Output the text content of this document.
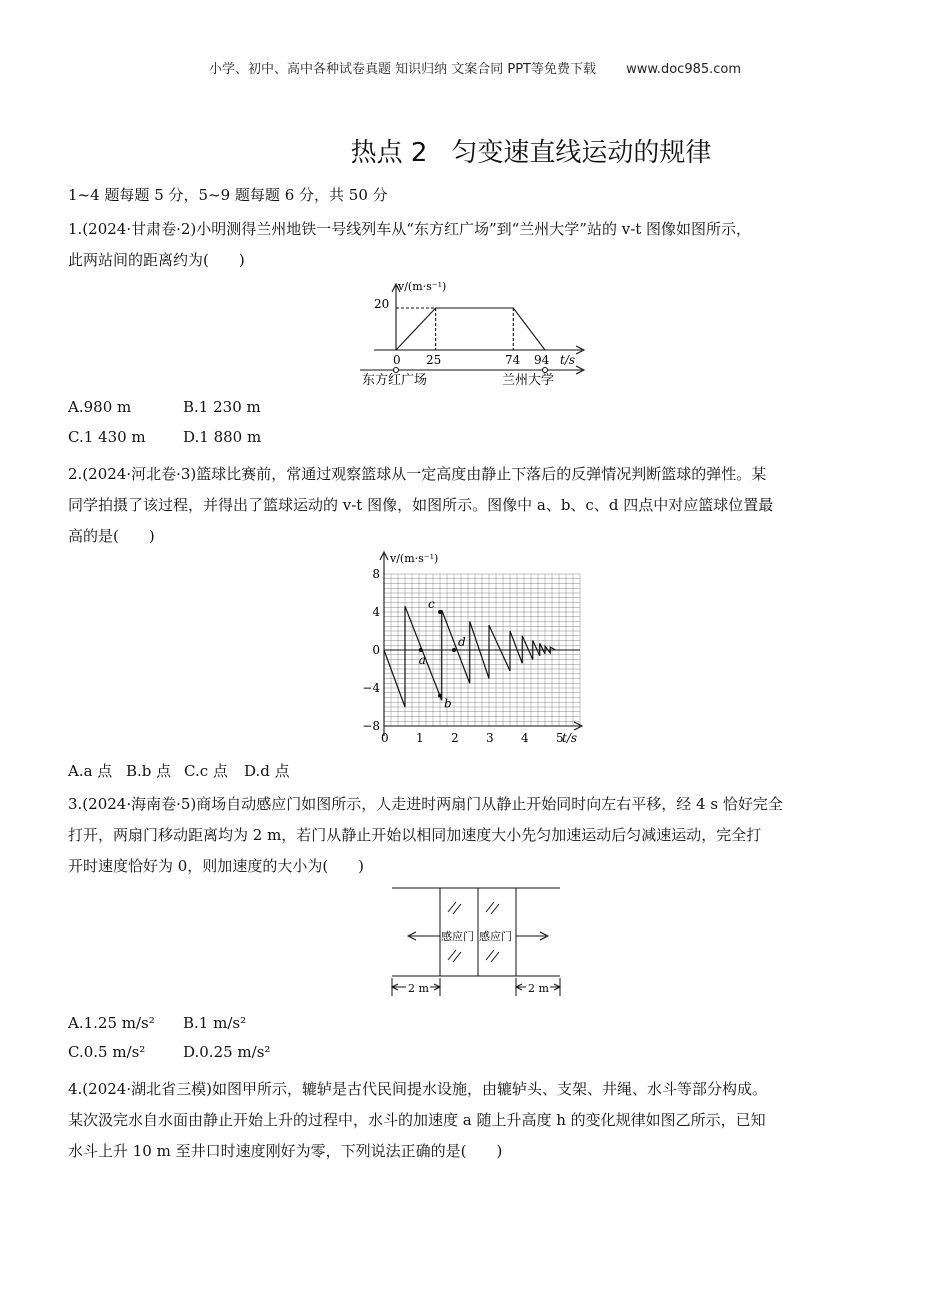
小学、初中、高中各种试卷真题 知识归纳 文案合同 PPT等免费下载 www.doc985.com
热点 2 匀变速直线运动的规律
1~4 题每题 5 分，5~9 题每题 6 分，共 50 分
1.(2024·甘肃卷·2)小明测得兰州地铁一号线列车从“东方红广场”到“兰州大学”站的 v-t 图像如图所示，
此两站间的距离约为(　　)
v/(m·s⁻¹)
20
0 25	74 94 t/s
东方红广场	兰州大学
A.980 m	B.1 230 m
C.1 430 m D.1 880 m
2.(2024·河北卷·3)篮球比赛前，常通过观察篮球从一定高度由静止下落后的反弹情况判断篮球的弹性。某
同学拍摄了该过程，并得出了篮球运动的 v-t 图像，如图所示。图像中 a、b、c、d 四点中对应篮球位置最
高的是(　　)
a
b
c
d
v/(m·s⁻¹)
t/s
8
4
0
−4
−8
0 1 2 3 4 5
A.a 点 B.b 点 C.c 点 D.d 点
3.(2024·海南卷·5)商场自动感应门如图所示，人走进时两扇门从静止开始同时向左右平移，经 4 s 恰好完全
打开，两扇门移动距离均为 2 m，若门从静止开始以相同加速度大小先匀加速运动后匀减速运动，完全打
开时速度恰好为 0，则加速度的大小为(　　)
感应门 感应门
2 m	2 m
A.1.25 m/s² B.1 m/s²
C.0.5 m/s²	D.0.25 m/s²
4.(2024·湖北省三模)如图甲所示，辘轳是古代民间提水设施，由辘轳头、支架、井绳、水斗等部分构成。
某次汲完水自水面由静止开始上升的过程中，水斗的加速度 a 随上升高度 h 的变化规律如图乙所示，已知
水斗上升 10 m 至井口时速度刚好为零，下列说法正确的是(　　)
